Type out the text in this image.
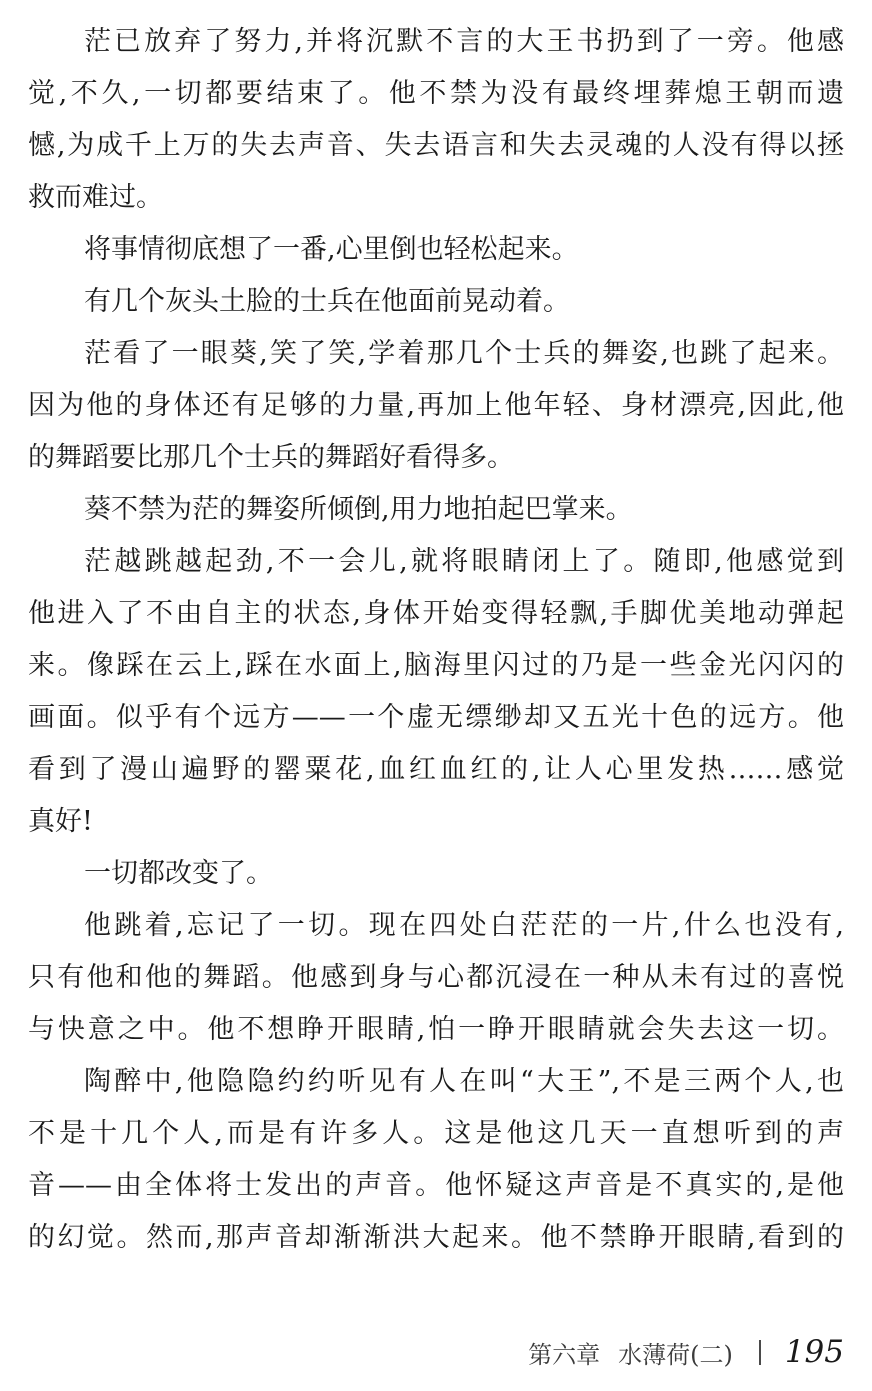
茫已放弃了努力,并将沉默不言的大王书扔到了一旁。他感
觉,不久,一切都要结束了。他不禁为没有最终埋葬熄王朝而遗
憾,为成千上万的失去声音、失去语言和失去灵魂的人没有得以拯
救而难过。
将事情彻底想了一番,心里倒也轻松起来。
有几个灰头土脸的士兵在他面前晃动着。
茫看了一眼葵,笑了笑,学着那几个士兵的舞姿,也跳了起来。
因为他的身体还有足够的力量,再加上他年轻、身材漂亮,因此,他
的舞蹈要比那几个士兵的舞蹈好看得多。
葵不禁为茫的舞姿所倾倒,用力地拍起巴掌来。
茫越跳越起劲,不一会儿,就将眼睛闭上了。随即,他感觉到
他进入了不由自主的状态,身体开始变得轻飘,手脚优美地动弹起
来。像踩在云上,踩在水面上,脑海里闪过的乃是一些金光闪闪的
画面。似乎有个远方——一个虚无缥缈却又五光十色的远方。他
看到了漫山遍野的罂粟花,血红血红的,让人心里发热……感觉
真好!
一切都改变了。
他跳着,忘记了一切。现在四处白茫茫的一片,什么也没有,
只有他和他的舞蹈。他感到身与心都沉浸在一种从未有过的喜悦
与快意之中。他不想睁开眼睛,怕一睁开眼睛就会失去这一切。
陶醉中,他隐隐约约听见有人在叫“大王”,不是三两个人,也
不是十几个人,而是有许多人。这是他这几天一直想听到的声
音——由全体将士发出的声音。他怀疑这声音是不真实的,是他
的幻觉。然而,那声音却渐渐洪大起来。他不禁睁开眼睛,看到的
第六章 水薄荷(二) 195
